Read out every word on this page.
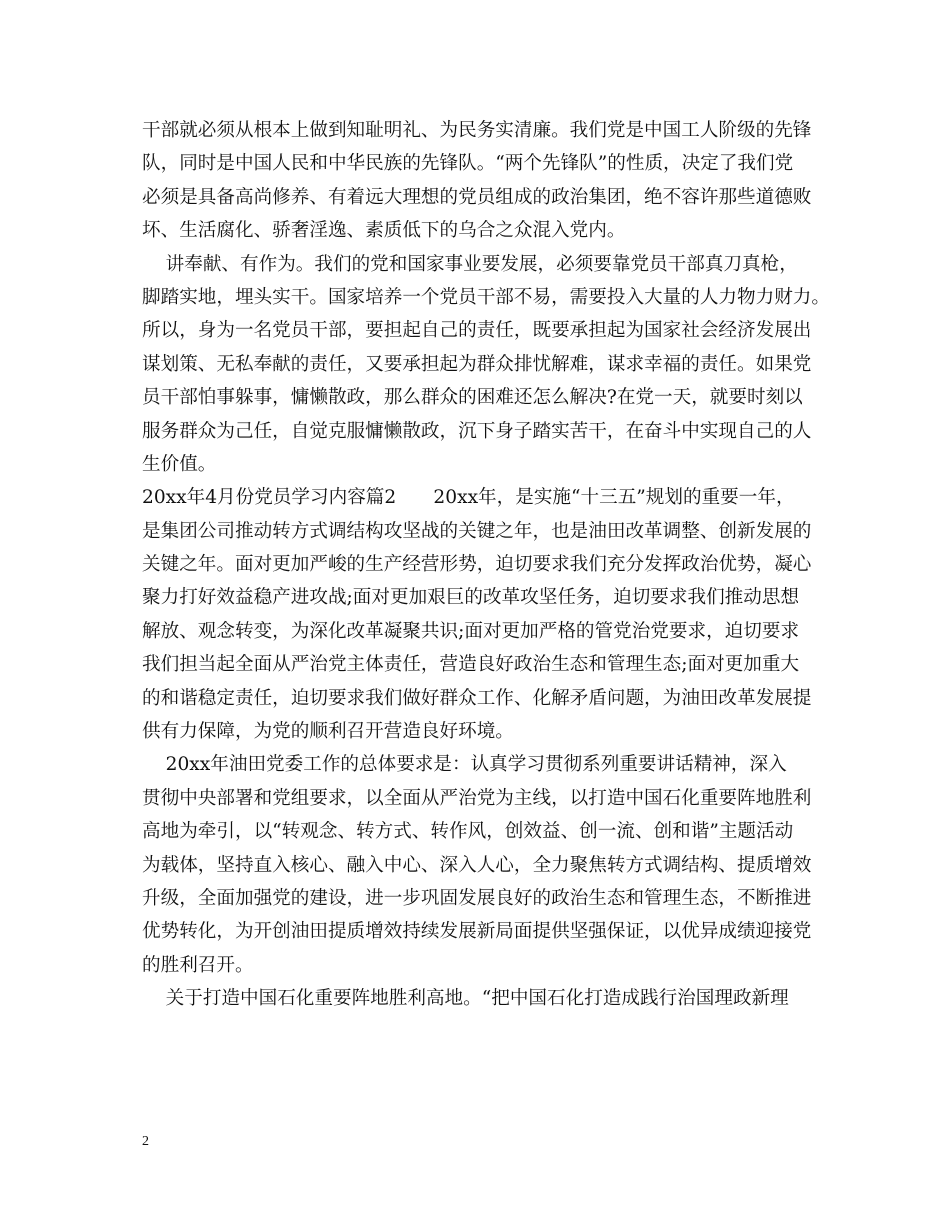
干部就必须从根本上做到知耻明礼、为民务实清廉。我们党是中国工人阶级的先锋
队，同时是中国人民和中华民族的先锋队。“两个先锋队”的性质，决定了我们党
必须是具备高尚修养、有着远大理想的党员组成的政治集团，绝不容许那些道德败
坏、生活腐化、骄奢淫逸、素质低下的乌合之众混入党内。
讲奉献、有作为。我们的党和国家事业要发展，必须要靠党员干部真刀真枪，
脚踏实地，埋头实干。国家培养一个党员干部不易，需要投入大量的人力物力财力。
所以，身为一名党员干部，要担起自己的责任，既要承担起为国家社会经济发展出
谋划策、无私奉献的责任，又要承担起为群众排忧解难，谋求幸福的责任。如果党
员干部怕事躲事，慵懒散政，那么群众的困难还怎么解决?在党一天，就要时刻以
服务群众为己任，自觉克服慵懒散政，沉下身子踏实苦干，在奋斗中实现自己的人
生价值。
20xx年4月份党员学习内容篇2　　20xx年，是实施“十三五”规划的重要一年，
是集团公司推动转方式调结构攻坚战的关键之年，也是油田改革调整、创新发展的
关键之年。面对更加严峻的生产经营形势，迫切要求我们充分发挥政治优势，凝心
聚力打好效益稳产进攻战;面对更加艰巨的改革攻坚任务，迫切要求我们推动思想
解放、观念转变，为深化改革凝聚共识;面对更加严格的管党治党要求，迫切要求
我们担当起全面从严治党主体责任，营造良好政治生态和管理生态;面对更加重大
的和谐稳定责任，迫切要求我们做好群众工作、化解矛盾问题，为油田改革发展提
供有力保障，为党的顺利召开营造良好环境。
20xx年油田党委工作的总体要求是：认真学习贯彻系列重要讲话精神，深入
贯彻中央部署和党组要求，以全面从严治党为主线，以打造中国石化重要阵地胜利
高地为牵引，以“转观念、转方式、转作风，创效益、创一流、创和谐”主题活动
为载体，坚持直入核心、融入中心、深入人心，全力聚焦转方式调结构、提质增效
升级，全面加强党的建设，进一步巩固发展良好的政治生态和管理生态，不断推进
优势转化，为开创油田提质增效持续发展新局面提供坚强保证，以优异成绩迎接党
的胜利召开。
关于打造中国石化重要阵地胜利高地。“把中国石化打造成践行治国理政新理
2
